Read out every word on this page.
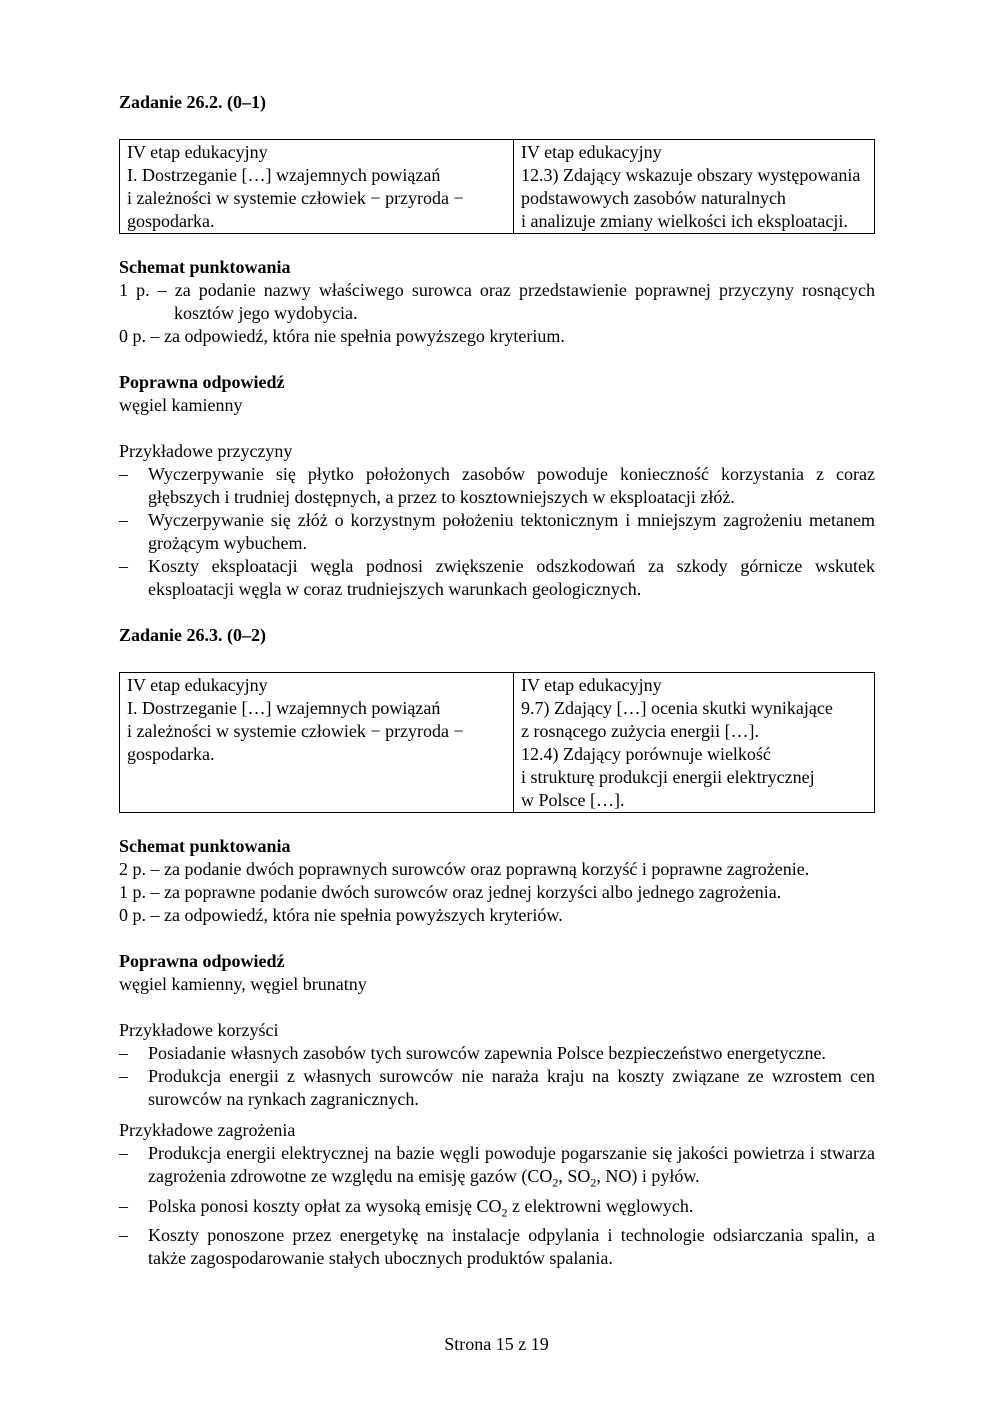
Zadanie 26.2. (0–1)
IV etap edukacyjny
I. Dostrzeganie […] wzajemnych powiązań
i zależności w systemie człowiek − przyroda −
gospodarka.

IV etap edukacyjny
12.3) Zdający wskazuje obszary występowania
podstawowych zasobów naturalnych
i analizuje zmiany wielkości ich eksploatacji.
Schemat punktowania
1 p. – za podanie nazwy właściwego surowca oraz przedstawienie poprawnej przyczyny rosnących kosztów jego wydobycia.
0 p. – za odpowiedź, która nie spełnia powyższego kryterium.
Poprawna odpowiedź
węgiel kamienny
Przykładowe przyczyny
– Wyczerpywanie się płytko położonych zasobów powoduje konieczność korzystania z coraz głębszych i trudniej dostępnych, a przez to kosztowniejszych w eksploatacji złóż.
– Wyczerpywanie się złóż o korzystnym położeniu tektonicznym i mniejszym zagrożeniu metanem grożącym wybuchem.
– Koszty eksploatacji węgla podnosi zwiększenie odszkodowań za szkody górnicze wskutek eksploatacji węgla w coraz trudniejszych warunkach geologicznych.
Zadanie 26.3. (0–2)
IV etap edukacyjny
I. Dostrzeganie […] wzajemnych powiązań
i zależności w systemie człowiek − przyroda −
gospodarka.

IV etap edukacyjny
9.7) Zdający […] ocenia skutki wynikające
z rosnącego zużycia energii […].
12.4) Zdający porównuje wielkość
i strukturę produkcji energii elektrycznej
w Polsce […].
Schemat punktowania
2 p. – za podanie dwóch poprawnych surowców oraz poprawną korzyść i poprawne zagrożenie.
1 p. – za poprawne podanie dwóch surowców oraz jednej korzyści albo jednego zagrożenia.
0 p. – za odpowiedź, która nie spełnia powyższych kryteriów.
Poprawna odpowiedź
węgiel kamienny, węgiel brunatny
Przykładowe korzyści
– Posiadanie własnych zasobów tych surowców zapewnia Polsce bezpieczeństwo energetyczne.
– Produkcja energii z własnych surowców nie naraża kraju na koszty związane ze wzrostem cen surowców na rynkach zagranicznych.
Przykładowe zagrożenia
– Produkcja energii elektrycznej na bazie węgli powoduje pogarszanie się jakości powietrza i stwarza zagrożenia zdrowotne ze względu na emisję gazów ($CO_2$, $SO_2$, NO) i pyłów.
– Polska ponosi koszty opłat za wysoką emisję $CO_2$ z elektrowni węglowych.
– Koszty ponoszone przez energetykę na instalacje odpylania i technologie odsiarczania spalin, a także zagospodarowanie stałych ubocznych produktów spalania.
Strona 15 z 19
